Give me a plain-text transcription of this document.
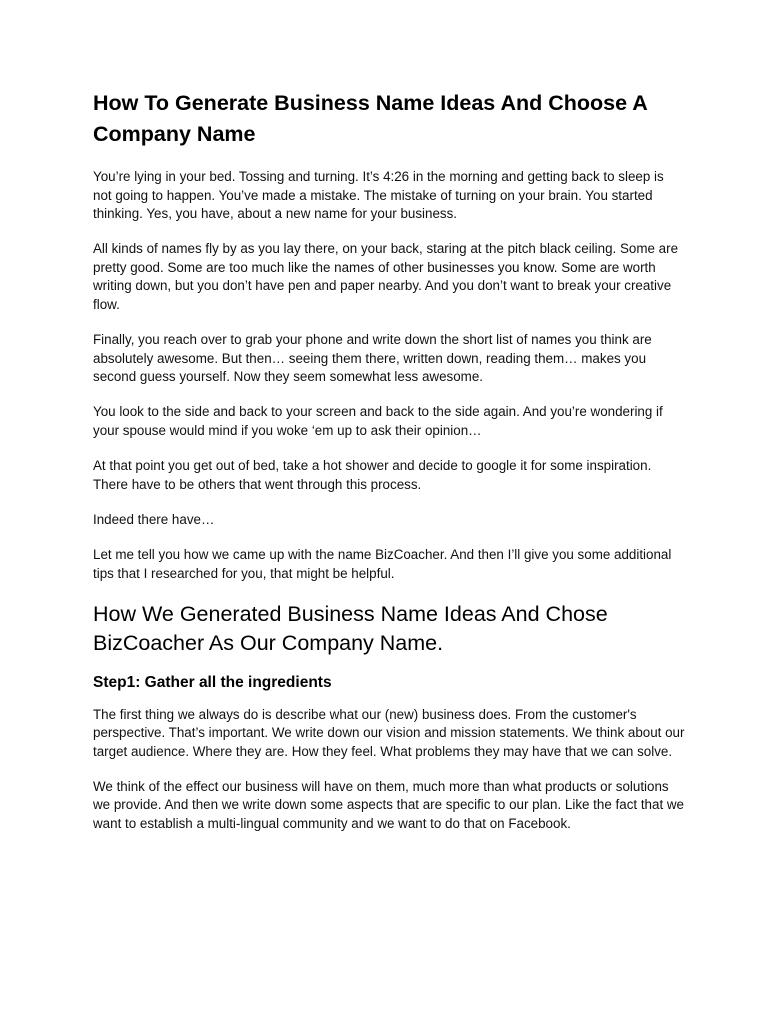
How To Generate Business Name Ideas And Choose A Company Name

You’re lying in your bed. Tossing and turning. It’s 4:26 in the morning and getting back to sleep is not going to happen. You’ve made a mistake. The mistake of turning on your brain. You started thinking. Yes, you have, about a new name for your business.

All kinds of names fly by as you lay there, on your back, staring at the pitch black ceiling. Some are pretty good. Some are too much like the names of other businesses you know. Some are worth writing down, but you don’t have pen and paper nearby. And you don’t want to break your creative flow.

Finally, you reach over to grab your phone and write down the short list of names you think are absolutely awesome. But then… seeing them there, written down, reading them… makes you second guess yourself. Now they seem somewhat less awesome.

You look to the side and back to your screen and back to the side again. And you’re wondering if your spouse would mind if you woke ‘em up to ask their opinion…

At that point you get out of bed, take a hot shower and decide to google it for some inspiration. There have to be others that went through this process.

Indeed there have…

Let me tell you how we came up with the name BizCoacher. And then I’ll give you some additional tips that I researched for you, that might be helpful.

How We Generated Business Name Ideas And Chose BizCoacher As Our Company Name.
Step1: Gather all the ingredients

The first thing we always do is describe what our (new) business does. From the customer's perspective. That’s important. We write down our vision and mission statements. We think about our target audience. Where they are. How they feel. What problems they may have that we can solve.

We think of the effect our business will have on them, much more than what products or solutions we provide. And then we write down some aspects that are specific to our plan. Like the fact that we want to establish a multi-lingual community and we want to do that on Facebook.
